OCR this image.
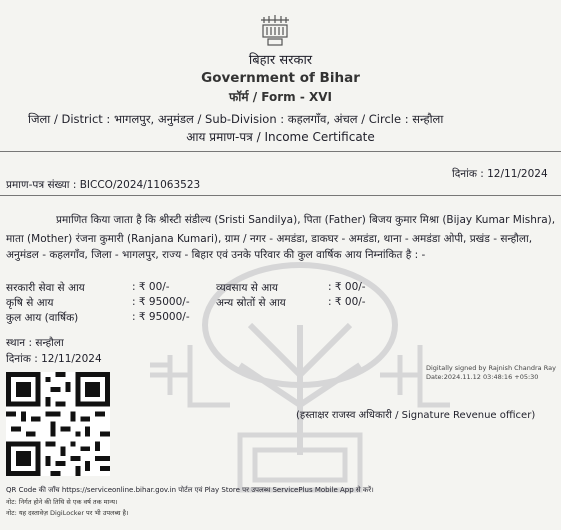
बिहार सरकार
Government of Bihar
फॉर्म / Form - XVI
जिला / District : भागलपुर, अनुमंडल / Sub-Division : कहलगाँव, अंचल / Circle : सन्हौला
आय प्रमाण-पत्र / Income Certificate
दिनांक : 12/11/2024
प्रमाण-पत्र संख्या : BICCO/2024/11063523
प्रमाणित किया जाता है कि श्रीस्टी संडील्य (Sristi Sandilya), पिता (Father) बिजय कुमार मिश्रा (Bijay Kumar Mishra),
माता (Mother) रंजना कुमारी (Ranjana Kumari), ग्राम / नगर - अमडंडा, डाकघर - अमडंडा, थाना - अमडंडा ओपी, प्रखंड - सन्हौला,
अनुमंडल - कहलगाँव, जिला - भागलपुर, राज्य - बिहार एवं उनके परिवार की कुल वार्षिक आय निम्नांकित है : -
सरकारी सेवा से आय	: ₹ 00/-	व्यवसाय से आय	: ₹ 00/-
कृषि से आय	: ₹ 95000/-	अन्य स्रोतों से आय	: ₹ 00/-
कुल आय (वार्षिक)	: ₹ 95000/-
स्थान : सन्हौला
दिनांक : 12/11/2024
Digitally signed by Rajnish Chandra Ray
Date:2024.11.12 03:48:16 +05:30
(हस्ताक्षर राजस्व अधिकारी / Signature Revenue officer)
QR Code की जाँच https://serviceonline.bihar.gov.in पोर्टल एवं Play Store पर उपलब्ध ServicePlus Mobile App से करें।
नोट: निर्गत होने की तिथि से एक वर्ष तक मान्य।
नोट: यह दस्तावेज़ DigiLocker पर भी उपलब्ध है।
